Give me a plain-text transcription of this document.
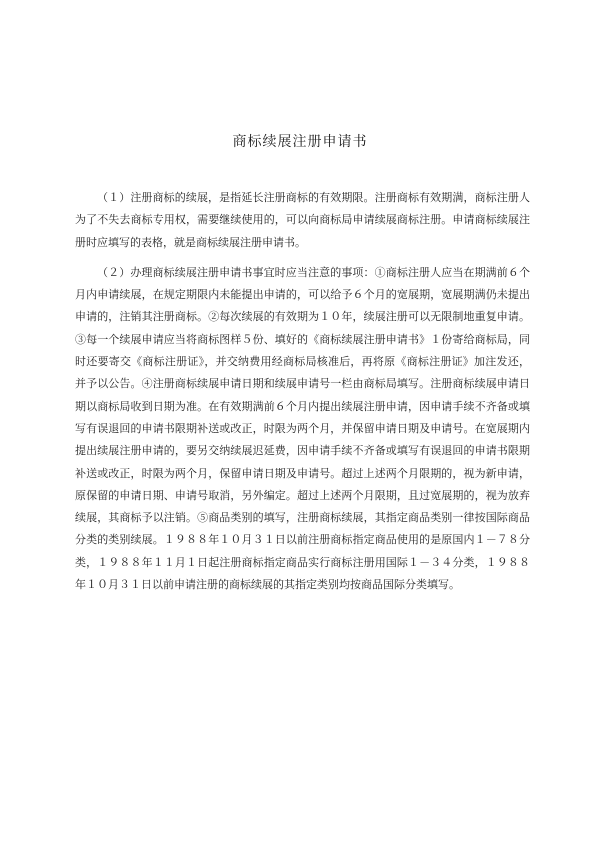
商标续展注册申请书

（１）注册商标的续展，是指延长注册商标的有效期限。注册商标有效期满，商标注册人为了不失去商标专用权，需要继续使用的，可以向商标局申请续展商标注册。申请商标续展注册时应填写的表格，就是商标续展注册申请书。

（２）办理商标续展注册申请书事宜时应当注意的事项：①商标注册人应当在期满前６个月内申请续展，在规定期限内未能提出申请的，可以给予６个月的宽展期，宽展期满仍未提出申请的，注销其注册商标。②每次续展的有效期为１０年，续展注册可以无限制地重复申请。③每一个续展申请应当将商标图样５份、填好的《商标续展注册申请书》１份寄给商标局，同时还要寄交《商标注册证》，并交纳费用经商标局核准后，再将原《商标注册证》加注发还，并予以公告。④注册商标续展申请日期和续展申请号一栏由商标局填写。注册商标续展申请日期以商标局收到日期为准。在有效期满前６个月内提出续展注册申请，因申请手续不齐备或填写有误退回的申请书限期补送或改正，时限为两个月，并保留申请日期及申请号。在宽展期内提出续展注册申请的，要另交纳续展迟延费，因申请手续不齐备或填写有误退回的申请书限期补送或改正，时限为两个月，保留申请日期及申请号。超过上述两个月限期的，视为新申请，原保留的申请日期、申请号取消，另外编定。超过上述两个月限期，且过宽展期的，视为放弃续展，其商标予以注销。⑤商品类别的填写，注册商标续展，其指定商品类别一律按国际商品分类的类别续展。１９８８年１０月３１日以前注册商标指定商品使用的是原国内１－７８分类，１９８８年１１月１日起注册商标指定商品实行商标注册用国际１－３４分类，１９８８年１０月３１日以前申请注册的商标续展的其指定类别均按商品国际分类填写。
